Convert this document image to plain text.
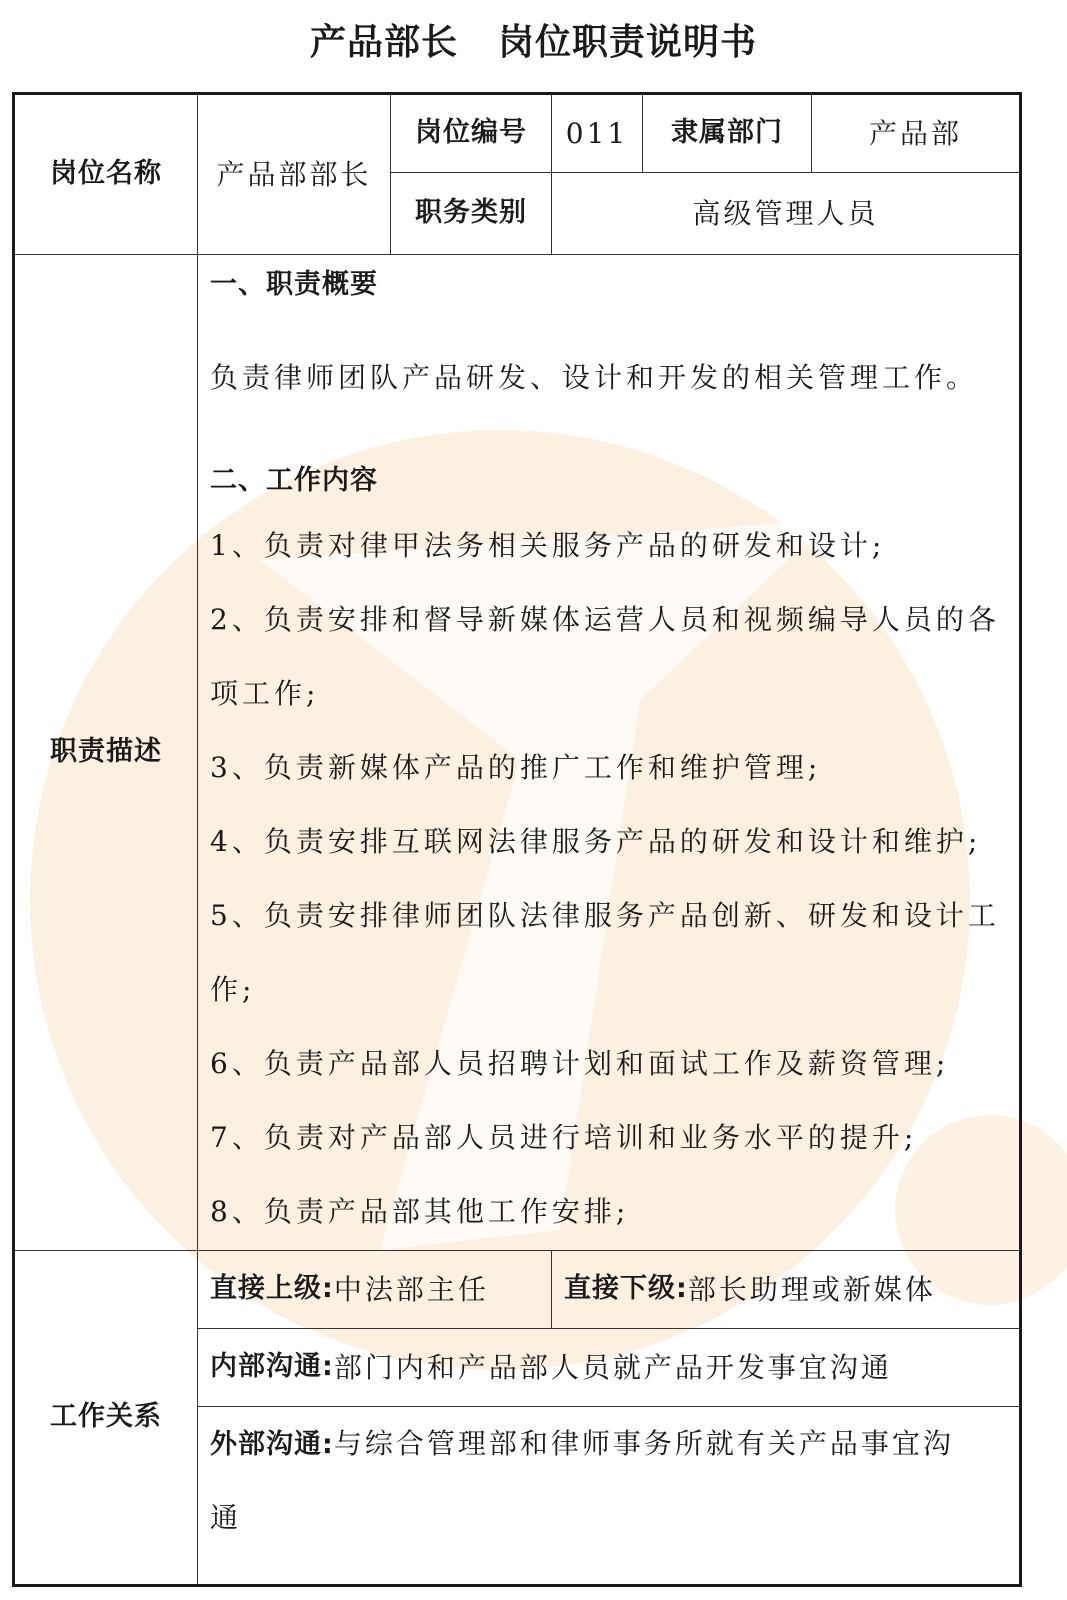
产品部长 岗位职责说明书
岗位名称	产品部部长
岗位编号	011	隶属部门	产品部
职务类别	高级管理人员
职责描述
一、职责概要
负责律师团队产品研发、设计和开发的相关管理工作。
二、工作内容
1、负责对律甲法务相关服务产品的研发和设计;
2、负责安排和督导新媒体运营人员和视频编导人员的各
项工作;
3、负责新媒体产品的推广工作和维护管理;
4、负责安排互联网法律服务产品的研发和设计和维护;
5、负责安排律师团队法律服务产品创新、研发和设计工
作;
6、负责产品部人员招聘计划和面试工作及薪资管理;
7、负责对产品部人员进行培训和业务水平的提升;
8、负责产品部其他工作安排;
工作关系
直接上级: 中法部主任	直接下级: 部长助理或新媒体
内部沟通: 部门内和产品部人员就产品开发事宜沟通
外部沟通:与综合管理部和律师事务所就有关产品事宜沟
通
